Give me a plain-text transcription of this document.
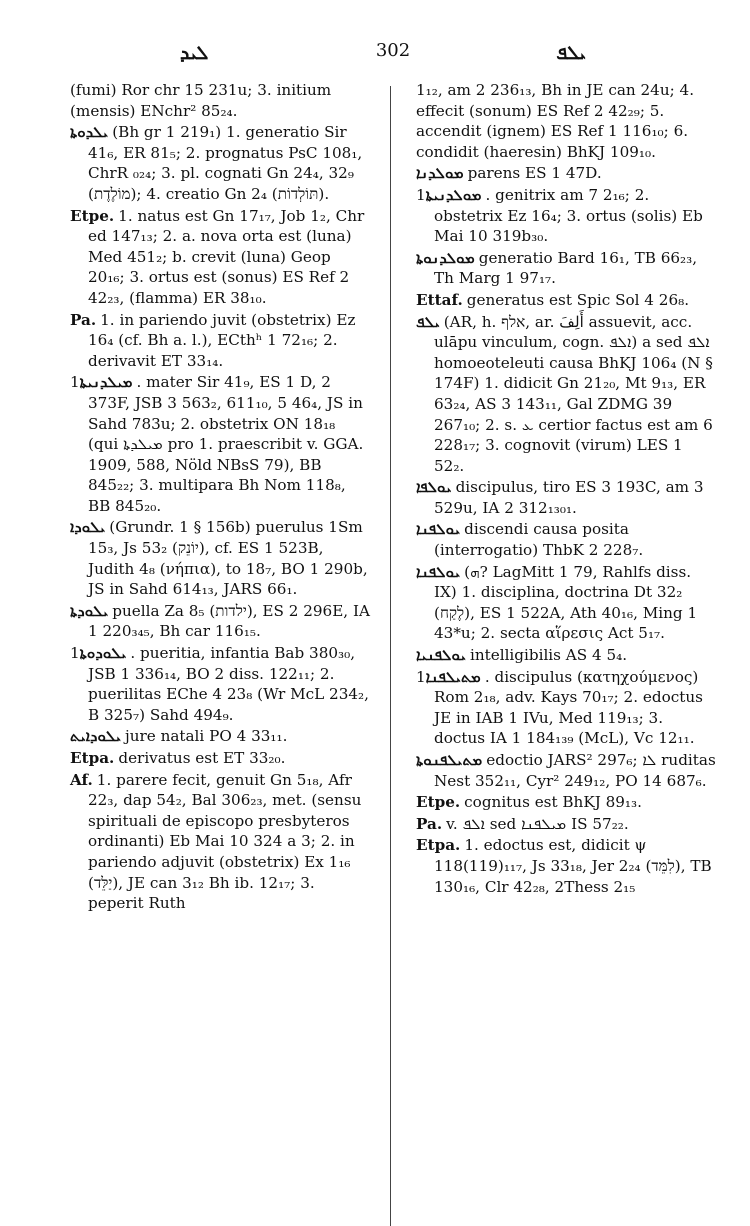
ܠܝܕ	302	ܝܠܦ
(fumi) Ror chr 15 231u; 3. initium (mensis) ENchr² 85₂₄.
ܝܠܕܘܬܐ (Bh gr 1 219₁) 1. generatio Sir 41₆, ER 81₅; 2. prognatus PsC 108₁, ChrR ₀₂₄; 3. pl. cognati Gn 24₄, 32₉ (מוֹלֶדֶת); 4. creatio Gn 2₄ (תּוֹלְדוֹת).
Etpe. 1. natus est Gn 17₁₇, Job 1₂, Chr ed 147₁₃; 2. a. nova orta est (luna) Med 451₂; b. crevit (luna) Geop 20₁₆; 3. ortus est (sonus) ES Ref 2 42₂₃, (flamma) ER 38₁₀.
Pa. 1. in pariendo juvit (obstetrix) Ez 16₄ (cf. Bh a. l.), ECthʰ 1 72₁₆; 2. derivavit ET 33₁₄.
ܡܝܠܕܢܝܬܐ1. mater Sir 41₉, ES 1 D, 2 373F, JSB 3 563₂, 611₁₀, 5 46₄, JS in Sahd 783u; 2. obstetrix ON 18₁₈ (qui ܡܝܠܕܬܐ pro 1. praescribit v. GGA. 1909, 588, Nöld NBsS 79), BB 845₂₂; 3. multipara Bh Nom 118₈, BB 845₂₀.
ܝܠܘܕܐ (Grundr. 1 § 156b) puerulus 1Sm 15₃, Js 53₂ (יוֹנֵק), cf. ES 1 523B, Judith 4₈ (νήπια), to 18₇, BO 1 290b, JS in Sahd 614₁₃, JARS 66₁.
ܝܠܘܕܬܐ puella Za 8₅ (ילדות), ES 2 296E, IA 1 220₃₄₅, Bh car 116₁₅.
ܝܠܘܕܘܬܐ1. pueritia, infantia Bab 380₃₀, JSB 1 336₁₄, BO 2 diss. 122₁₁; 2. puerilitas EChe 4 23₈ (Wr McL 234₂, B 325₇) Sahd 494₉.
ܝܠܘܕܐܝܬ jure natali PO 4 33₁₁.
Etpa. derivatus est ET 33₂₀.
Af. 1. parere fecit, genuit Gn 5₁₈, Afr 22₃, dap 54₂, Bal 306₂₃, met. (sensu spirituali de episcopo presbyteros ordinanti) Eb Mai 10 324 a 3; 2. in pariendo adjuvit (obstetrix) Ex 1₁₆ (יַלֵּד), JE can 3₁₂ Bh ib. 12₁₇; 3. peperit Ruth
1₁₂, am 2 236₁₃, Bh in JE can 24u; 4. effecit (sonum) ES Ref 2 42₂₉; 5. accendit (ignem) ES Ref 1 116₁₀; 6. condidit (haeresin) BhKJ 109₁₀.
ܡܘܠܕܢܐ parens ES 1 47D.
ܡܘܠܕܢܝܬܐ1. genitrix am 7 2₁₆; 2. obstetrix Ez 16₄; 3. ortus (solis) Eb Mai 10 319b₃₀.
ܡܘܠܕܢܘܬܐ generatio Bard 16₁, TB 66₂₃, Th Marg 1 97₁₇.
Ettaf. generatus est Spic Sol 4 26₈.
ܝܠܦ (AR, h. אלף, ar. أَلِفَ assuevit, acc. ulāpu vinculum, cogn. ܐܠܦ) a sed ܐܠܦ homoeoteleuti causa BhKJ 106₄ (N § 174F) 1. didicit Gn 21₂₀, Mt 9₁₃, ER 63₂₄, AS 3 143₁₁, Gal ZDMG 39 267₁₀; 2. s. ܥ certior factus est am 6 228₁₇; 3. cognovit (virum) LES 1 52₂.
ܝܘܠܦܐ discipulus, tiro ES 3 193C, am 3 529u, IA 2 312₁₃₀₁.
ܝܘܠܦܢܐ discendi causa posita (interrogatio) ThbK 2 228₇.
ܝܘܠܦܢܐ (ܗ? LagMitt 1 79, Rahlfs diss. IX) 1. disciplina, doctrina Dt 32₂ (לֶקַח), ES 1 522A, Ath 40₁₆, Ming 1 43*u; 2. secta αἵρεσις Act 5₁₇.
ܝܘܠܦܢܝܐ intelligibilis AS 4 5₄.
ܡܬܝܠܦܢܐ1. discipulus (κατηχούμενος) Rom 2₁₈, adv. Kays 70₁₇; 2. edoctus JE in IAB 1 IVu, Med 119₁₃; 3. doctus IA 1 184₁₃₉ (McL), Vc 12₁₁.
ܡܬܝܠܦܢܘܬܐ edoctio JARS² 297₆; ܠܐ ruditas Nest 352₁₁, Cyr² 249₁₂, PO 14 687₆.
Etpe. cognitus est BhKJ 89₁₃.
Pa. v. ܐܠܦ sed ܡܝܠܦܢܐ IS 57₂₂.
Etpa. 1. edoctus est, didicit ψ 118(119)₁₁₇, Js 33₁₈, Jer 2₂₄ (לִמֵּד), TB 130₁₆, Clr 42₂₈, 2Thess 2₁₅
